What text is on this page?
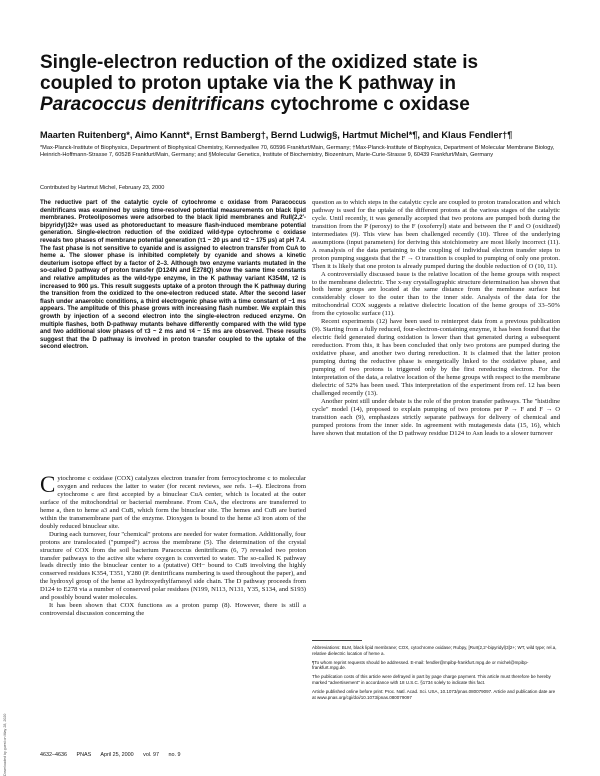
Single-electron reduction of the oxidized state is
coupled to proton uptake via the K pathway in
Paracoccus denitrificans cytochrome c oxidase
Maarten Ruitenberg*, Aimo Kannt*, Ernst Bamberg†, Bernd Ludwig§, Hartmut Michel*¶, and Klaus Fendler†¶
*Max-Planck-Institute of Biophysics, Department of Biophysical Chemistry, Kennedyallee 70, 60596 Frankfurt/Main, Germany; †Max-Planck-Institute of Biophysics, Department of Molecular Membrane Biology, Heinrich-Hoffmann-Strasse 7, 60528 Frankfurt/Main, Germany; and §Molecular Genetics, Institute of Biochemistry, Biozentrum, Marie-Curie-Strasse 9, 60439 Frankfurt/Main, Germany
Contributed by Hartmut Michel, February 23, 2000
The reductive part of the catalytic cycle of cytochrome c oxidase from Paracoccus denitrificans was examined by using time-resolved potential measurements on black lipid membranes. Proteoliposomes were adsorbed to the black lipid membranes and RuII(2,2′-bipyridyl)32+ was used as photoreductant to measure flash-induced membrane potential generation. Single-electron reduction of the oxidized wild-type cytochrome c oxidase reveals two phases of membrane potential generation (τ1 ~ 20 μs and τ2 ~ 175 μs) at pH 7.4. The fast phase is not sensitive to cyanide and is assigned to electron transfer from CuA to heme a. The slower phase is inhibited completely by cyanide and shows a kinetic deuterium isotope effect by a factor of 2–3. Although two enzyme variants mutated in the so-called D pathway of proton transfer (D124N and E278Q) show the same time constants and relative amplitudes as the wild-type enzyme, in the K pathway variant K354M, τ2 is increased to 900 μs. This result suggests uptake of a proton through the K pathway during the transition from the oxidized to the one-electron reduced state. After the second laser flash under anaerobic conditions, a third electrogenic phase with a time constant of ~1 ms appears. The amplitude of this phase grows with increasing flash number. We explain this growth by injection of a second electron into the single-electron reduced enzyme. On multiple flashes, both D-pathway mutants behave differently compared with the wild type and two additional slow phases of τ3 ~ 2 ms and τ4 ~ 15 ms are observed. These results suggest that the D pathway is involved in proton transfer coupled to the uptake of the second electron.

Cytochrome c oxidase (COX) catalyzes electron transfer from ferrocytochrome c to molecular oxygen and reduces the latter to water (for recent reviews, see refs. 1–4). Electrons from cytochrome c are first accepted by a binuclear CuA center, which is located at the outer surface of the mitochondrial or bacterial membrane. From CuA, the electrons are transferred to heme a, then to heme a3 and CuB, which form the binuclear site. The hemes and CuB are buried within the transmembrane part of the enzyme. Dioxygen is bound to the heme a3 iron atom of the doubly reduced binuclear site.

During each turnover, four "chemical" protons are needed for water formation. Additionally, four protons are translocated ("pumped") across the membrane (5). The determination of the crystal structure of COX from the soil bacterium Paracoccus denitrificans (6, 7) revealed two proton transfer pathways to the active site where oxygen is converted to water. The so-called K pathway leads directly into the binuclear center to a (putative) OH− bound to CuB involving the highly conserved residues K354, T351, Y280 (P. denitrificans numbering is used throughout the paper), and the hydroxyl group of the heme a3 hydroxyethylfarnesyl side chain. The D pathway proceeds from D124 to E278 via a number of conserved polar residues (N199, N113, N131, Y35, S134, and S193) and possibly bound water molecules.

It has been shown that COX functions as a proton pump (8). However, there is still a controversial discussion concerning the

question as to which steps in the catalytic cycle are coupled to proton translocation and which pathway is used for the uptake of the different protons at the various stages of the catalytic cycle. Until recently, it was generally accepted that two protons are pumped both during the transition from the P (peroxy) to the F (oxoferryl) state and between the F and O (oxidized) intermediates (9). This view has been challenged recently (10). Three of the underlying assumptions (input parameters) for deriving this stoichiometry are most likely incorrect (11). A reanalysis of the data pertaining to the coupling of individual electron transfer steps to proton pumping suggests that the F → O transition is coupled to pumping of only one proton. Then it is likely that one proton is already pumped during the double reduction of O (10, 11).

A controversially discussed issue is the relative location of the heme groups with respect to the membrane dielectric. The x-ray crystallographic structure determination has shown that both heme groups are located at the same distance from the membrane surface but considerably closer to the outer than to the inner side. Analysis of the data for the mitochondrial COX suggests a relative dielectric location of the heme groups of 33–50% from the cytosolic surface (11).

Recent experiments (12) have been used to reinterpret data from a previous publication (9). Starting from a fully reduced, four-electron-containing enzyme, it has been found that the electric field generated during oxidation is lower than that generated during a subsequent rereduction. From this, it has been concluded that only two protons are pumped during the oxidative phase, and another two during rereduction. It is claimed that the latter proton pumping during the reductive phase is energetically linked to the oxidative phase, and pumping of two protons is triggered only by the first rereducing electron. For the interpretation of the data, a relative location of the heme groups with respect to the membrane dielectric of 52% has been used. This interpretation of the experiment from ref. 12 has been challenged recently (13).

Another point still under debate is the role of the proton transfer pathways. The "histidine cycle" model (14), proposed to explain pumping of two protons per P → F and F → O transition each (9), emphasizes strictly separate pathways for delivery of chemical and pumped protons from the inner side. In agreement with mutagenesis data (15, 16), which have shown that mutation of the D pathway residue D124 to Asn leads to a slower turnover

Abbreviations: BLM, black lipid membrane; COX, cytochrome oxidase; Rubpy, [RuII(2,2′-bipyridyl)3]2+; WT, wild type; rel.a, relative dielectric location of heme a.

¶To whom reprint requests should be addressed. E-mail: fendler@mpibp-frankfurt.mpg.de or michel@mpibp-frankfurt.mpg.de.

The publication costs of this article were defrayed in part by page charge payment. This article must therefore be hereby marked "advertisement" in accordance with 18 U.S.C. §1734 solely to indicate this fact.

Article published online before print: Proc. Natl. Acad. Sci. USA, 10.1073/pnas.080079097. Article and publication date are at www.pnas.org/cgi/doi/10.1073/pnas.080079097

4632–4636 PNAS April 25, 2000 vol. 97 no. 9
Downloaded by guest on May 28, 2020
